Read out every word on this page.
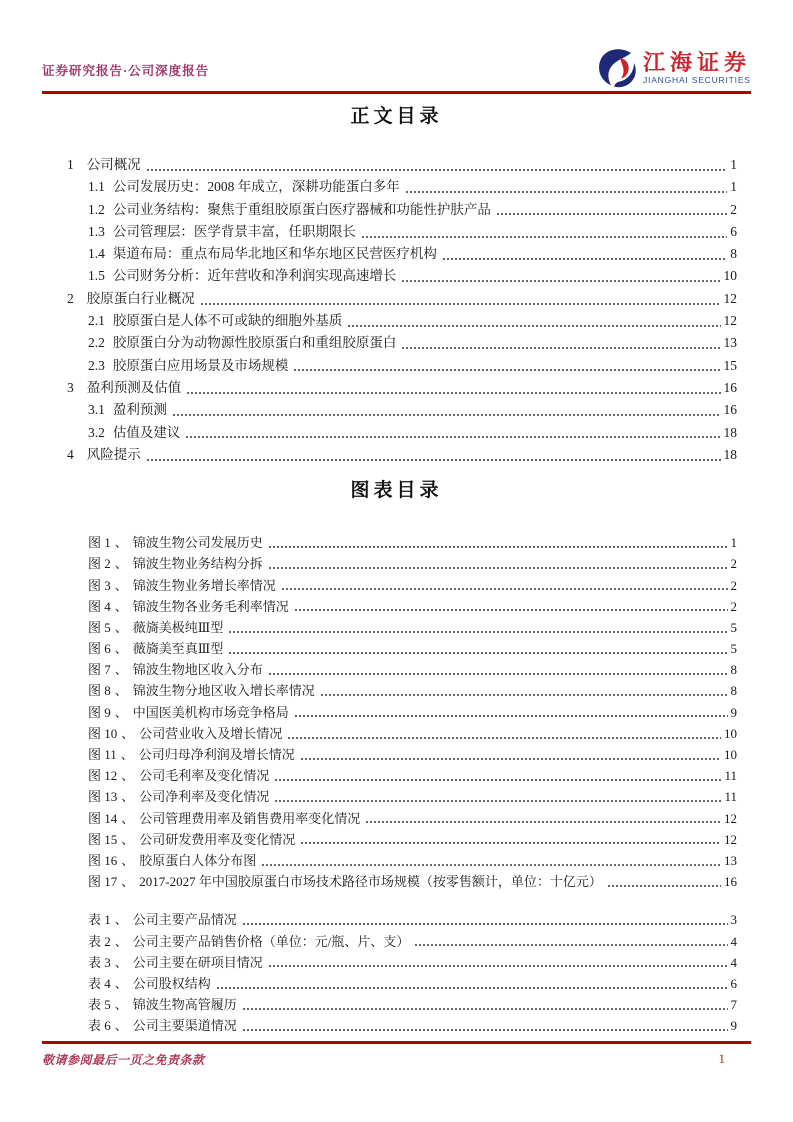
证券研究报告·公司深度报告	江海证券
JIANGHAI SECURITIES
正文目录
1 公司概况	1
1.1 公司发展历史：2008 年成立，深耕功能蛋白多年	1
1.2 公司业务结构：聚焦于重组胶原蛋白医疗器械和功能性护肤产品	2
1.3 公司管理层：医学背景丰富，任职期限长	6
1.4 渠道布局：重点布局华北地区和华东地区民营医疗机构	8
1.5 公司财务分析：近年营收和净利润实现高速增长	10
2 胶原蛋白行业概况	12
2.1 胶原蛋白是人体不可或缺的细胞外基质	12
2.2 胶原蛋白分为动物源性胶原蛋白和重组胶原蛋白	13
2.3 胶原蛋白应用场景及市场规模	15
3 盈利预测及估值	16
3.1 盈利预测	16
3.2 估值及建议	18
4 风险提示	18
图表目录
图 1 、 锦波生物公司发展历史	1
图 2 、 锦波生物业务结构分拆	2
图 3 、 锦波生物业务增长率情况	2
图 4 、 锦波生物各业务毛利率情况	2
图 5 、 薇旖美极纯Ⅲ型	5
图 6 、 薇旖美至真Ⅲ型	5
图 7 、 锦波生物地区收入分布	8
图 8 、 锦波生物分地区收入增长率情况	8
图 9 、 中国医美机构市场竞争格局	9
图 10 、 公司营业收入及增长情况	10
图 11 、 公司归母净利润及增长情况	10
图 12 、 公司毛利率及变化情况	11
图 13 、 公司净利率及变化情况	11
图 14 、 公司管理费用率及销售费用率变化情况	12
图 15 、 公司研发费用率及变化情况	12
图 16 、 胶原蛋白人体分布图	13
图 17 、 2017-2027 年中国胶原蛋白市场技术路径市场规模（按零售额计，单位：十亿元）	16
表 1 、 公司主要产品情况	3
表 2 、 公司主要产品销售价格（单位：元/瓶、片、支）	4
表 3 、 公司主要在研项目情况	4
表 4 、 公司股权结构	6
表 5 、 锦波生物高管履历	7
表 6 、 公司主要渠道情况	9
敬请参阅最后一页之免责条款	1
